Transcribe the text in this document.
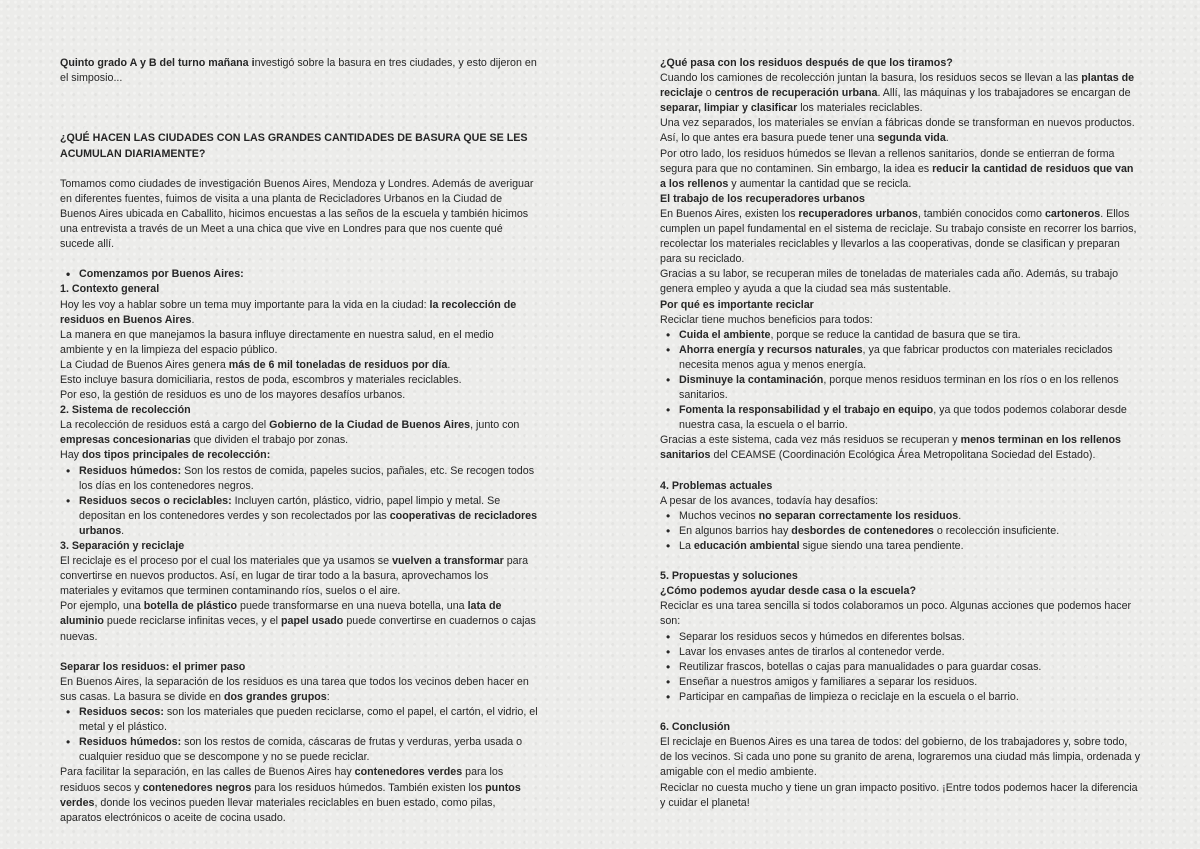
Quinto grado A y B del turno mañana investigó sobre la basura en tres ciudades, y esto dijeron en el simposio...

¿QUÉ HACEN LAS CIUDADES CON LAS GRANDES CANTIDADES DE BASURA QUE SE LES ACUMULAN DIARIAMENTE?

Tomamos como ciudades de investigación Buenos Aires, Mendoza y Londres. Además de averiguar en diferentes fuentes, fuimos de visita a una planta de Recicladores Urbanos en la Ciudad de Buenos Aires ubicada en Caballito, hicimos encuestas a las seños de la escuela y también hicimos una entrevista a través de un Meet a una chica que vive en Londres para que nos cuente qué sucede allí.

• Comenzamos por Buenos Aires:

1. Contexto general

Hoy les voy a hablar sobre un tema muy importante para la vida en la ciudad: la recolección de residuos en Buenos Aires.

La manera en que manejamos la basura influye directamente en nuestra salud, en el medio ambiente y en la limpieza del espacio público.

La Ciudad de Buenos Aires genera más de 6 mil toneladas de residuos por día.

Esto incluye basura domiciliaria, restos de poda, escombros y materiales reciclables.

Por eso, la gestión de residuos es uno de los mayores desafíos urbanos.

2. Sistema de recolección

La recolección de residuos está a cargo del Gobierno de la Ciudad de Buenos Aires, junto con empresas concesionarias que dividen el trabajo por zonas.

Hay dos tipos principales de recolección:

• Residuos húmedos: Son los restos de comida, papeles sucios, pañales, etc. Se recogen todos los días en los contenedores negros.
• Residuos secos o reciclables: Incluyen cartón, plástico, vidrio, papel limpio y metal. Se depositan en los contenedores verdes y son recolectados por las cooperativas de recicladores urbanos.

3. Separación y reciclaje

El reciclaje es el proceso por el cual los materiales que ya usamos se vuelven a transformar para convertirse en nuevos productos. Así, en lugar de tirar todo a la basura, aprovechamos los materiales y evitamos que terminen contaminando ríos, suelos o el aire.

Por ejemplo, una botella de plástico puede transformarse en una nueva botella, una lata de aluminio puede reciclarse infinitas veces, y el papel usado puede convertirse en cuadernos o cajas nuevas.

Separar los residuos: el primer paso

En Buenos Aires, la separación de los residuos es una tarea que todos los vecinos deben hacer en sus casas. La basura se divide en dos grandes grupos:

• Residuos secos: son los materiales que pueden reciclarse, como el papel, el cartón, el vidrio, el metal y el plástico.
• Residuos húmedos: son los restos de comida, cáscaras de frutas y verduras, yerba usada o cualquier residuo que se descompone y no se puede reciclar.

Para facilitar la separación, en las calles de Buenos Aires hay contenedores verdes para los residuos secos y contenedores negros para los residuos húmedos. También existen los puntos verdes, donde los vecinos pueden llevar materiales reciclables en buen estado, como pilas, aparatos electrónicos o aceite de cocina usado.

¿Qué pasa con los residuos después de que los tiramos?

Cuando los camiones de recolección juntan la basura, los residuos secos se llevan a las plantas de reciclaje o centros de recuperación urbana. Allí, las máquinas y los trabajadores se encargan de separar, limpiar y clasificar los materiales reciclables.

Una vez separados, los materiales se envían a fábricas donde se transforman en nuevos productos. Así, lo que antes era basura puede tener una segunda vida.

Por otro lado, los residuos húmedos se llevan a rellenos sanitarios, donde se entierran de forma segura para que no contaminen. Sin embargo, la idea es reducir la cantidad de residuos que van a los rellenos y aumentar la cantidad que se recicla.

El trabajo de los recuperadores urbanos

En Buenos Aires, existen los recuperadores urbanos, también conocidos como cartoneros. Ellos cumplen un papel fundamental en el sistema de reciclaje. Su trabajo consiste en recorrer los barrios, recolectar los materiales reciclables y llevarlos a las cooperativas, donde se clasifican y preparan para su reciclado.

Gracias a su labor, se recuperan miles de toneladas de materiales cada año. Además, su trabajo genera empleo y ayuda a que la ciudad sea más sustentable.

Por qué es importante reciclar

Reciclar tiene muchos beneficios para todos:

• Cuida el ambiente, porque se reduce la cantidad de basura que se tira.
• Ahorra energía y recursos naturales, ya que fabricar productos con materiales reciclados necesita menos agua y menos energía.
• Disminuye la contaminación, porque menos residuos terminan en los ríos o en los rellenos sanitarios.
• Fomenta la responsabilidad y el trabajo en equipo, ya que todos podemos colaborar desde nuestra casa, la escuela o el barrio.

Gracias a este sistema, cada vez más residuos se recuperan y menos terminan en los rellenos sanitarios del CEAMSE (Coordinación Ecológica Área Metropolitana Sociedad del Estado).

4. Problemas actuales

A pesar de los avances, todavía hay desafíos:

• Muchos vecinos no separan correctamente los residuos.
• En algunos barrios hay desbordes de contenedores o recolección insuficiente.
• La educación ambiental sigue siendo una tarea pendiente.

5. Propuestas y soluciones

¿Cómo podemos ayudar desde casa o la escuela?

Reciclar es una tarea sencilla si todos colaboramos un poco. Algunas acciones que podemos hacer son:

• Separar los residuos secos y húmedos en diferentes bolsas.
• Lavar los envases antes de tirarlos al contenedor verde.
• Reutilizar frascos, botellas o cajas para manualidades o para guardar cosas.
• Enseñar a nuestros amigos y familiares a separar los residuos.
• Participar en campañas de limpieza o reciclaje en la escuela o el barrio.

6. Conclusión

El reciclaje en Buenos Aires es una tarea de todos: del gobierno, de los trabajadores y, sobre todo, de los vecinos. Si cada uno pone su granito de arena, lograremos una ciudad más limpia, ordenada y amigable con el medio ambiente.

Reciclar no cuesta mucho y tiene un gran impacto positivo. ¡Entre todos podemos hacer la diferencia y cuidar el planeta!
